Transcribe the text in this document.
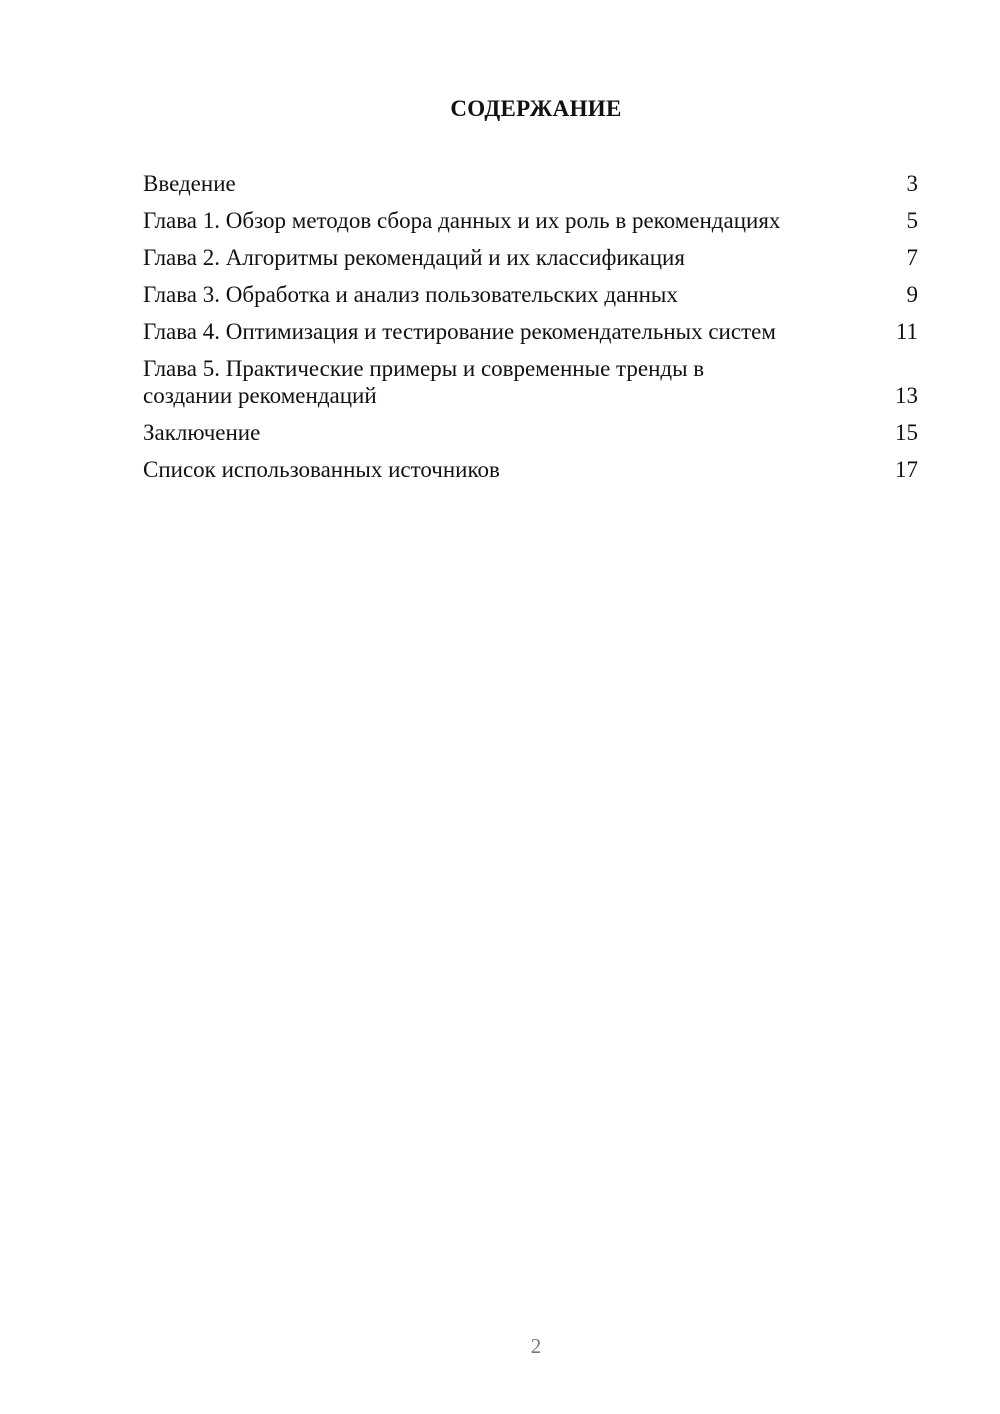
СОДЕРЖАНИЕ
Введение	3
Глава 1. Обзор методов сбора данных и их роль в рекомендациях	5
Глава 2. Алгоритмы рекомендаций и их классификация	7
Глава 3. Обработка и анализ пользовательских данных	9
Глава 4. Оптимизация и тестирование рекомендательных систем	11
Глава 5. Практические примеры и современные тренды в создании рекомендаций	13
Заключение	15
Список использованных источников	17
2
